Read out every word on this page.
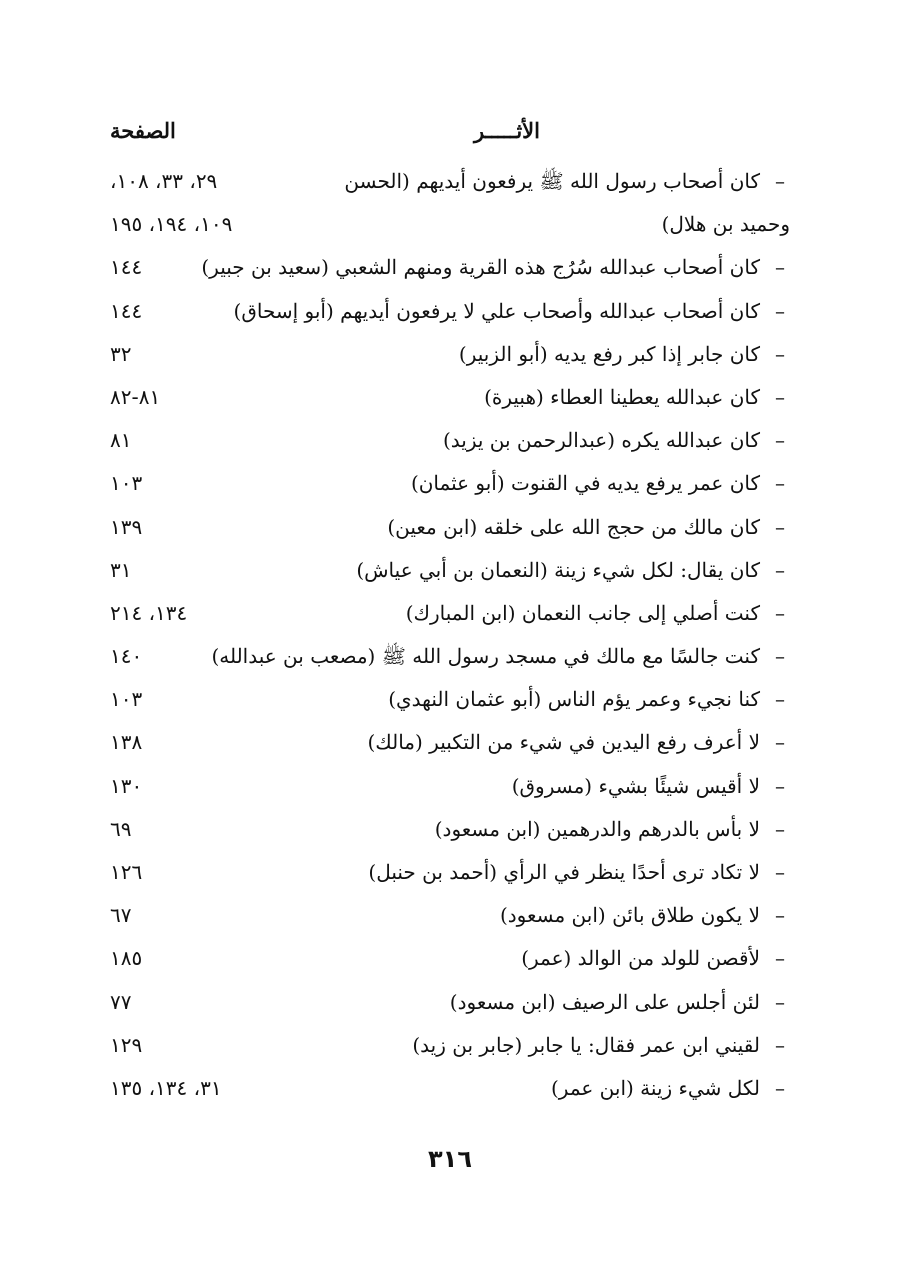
الأثـــــر
الصفحة
–
كان أصحاب رسول الله ﷺ يرفعون أيديهم (الحسن
٢٩، ٣٣، ١٠٨،
وحميد بن هلال)
١٠٩، ١٩٤، ١٩٥
–
كان أصحاب عبدالله سُرُج هذه القرية ومنهم الشعبي (سعيد بن جبير)
١٤٤
–
كان أصحاب عبدالله وأصحاب علي لا يرفعون أيديهم (أبو إسحاق)
١٤٤
–
كان جابر إذا كبر رفع يديه (أبو الزبير)
٣٢
–
كان عبدالله يعطينا العطاء (هبيرة)
٨١-٨٢
–
كان عبدالله يكره (عبدالرحمن بن يزيد)
٨١
–
كان عمر يرفع يديه في القنوت (أبو عثمان)
١٠٣
–
كان مالك من حجج الله على خلقه (ابن معين)
١٣٩
–
كان يقال: لكل شيء زينة (النعمان بن أبي عياش)
٣١
–
كنت أصلي إلى جانب النعمان (ابن المبارك)
١٣٤، ٢١٤
–
كنت جالسًا مع مالك في مسجد رسول الله ﷺ (مصعب بن عبدالله)
١٤٠
–
كنا نجيء وعمر يؤم الناس (أبو عثمان النهدي)
١٠٣
–
لا أعرف رفع اليدين في شيء من التكبير (مالك)
١٣٨
–
لا أقيس شيئًا بشيء (مسروق)
١٣٠
–
لا بأس بالدرهم والدرهمين (ابن مسعود)
٦٩
–
لا تكاد ترى أحدًا ينظر في الرأي (أحمد بن حنبل)
١٢٦
–
لا يكون طلاق بائن (ابن مسعود)
٦٧
–
لأقصن للولد من الوالد (عمر)
١٨٥
–
لئن أجلس على الرصيف (ابن مسعود)
٧٧
–
لقيني ابن عمر فقال: يا جابر (جابر بن زيد)
١٢٩
–
لكل شيء زينة (ابن عمر)
٣١، ١٣٤، ١٣٥
٣١٦
